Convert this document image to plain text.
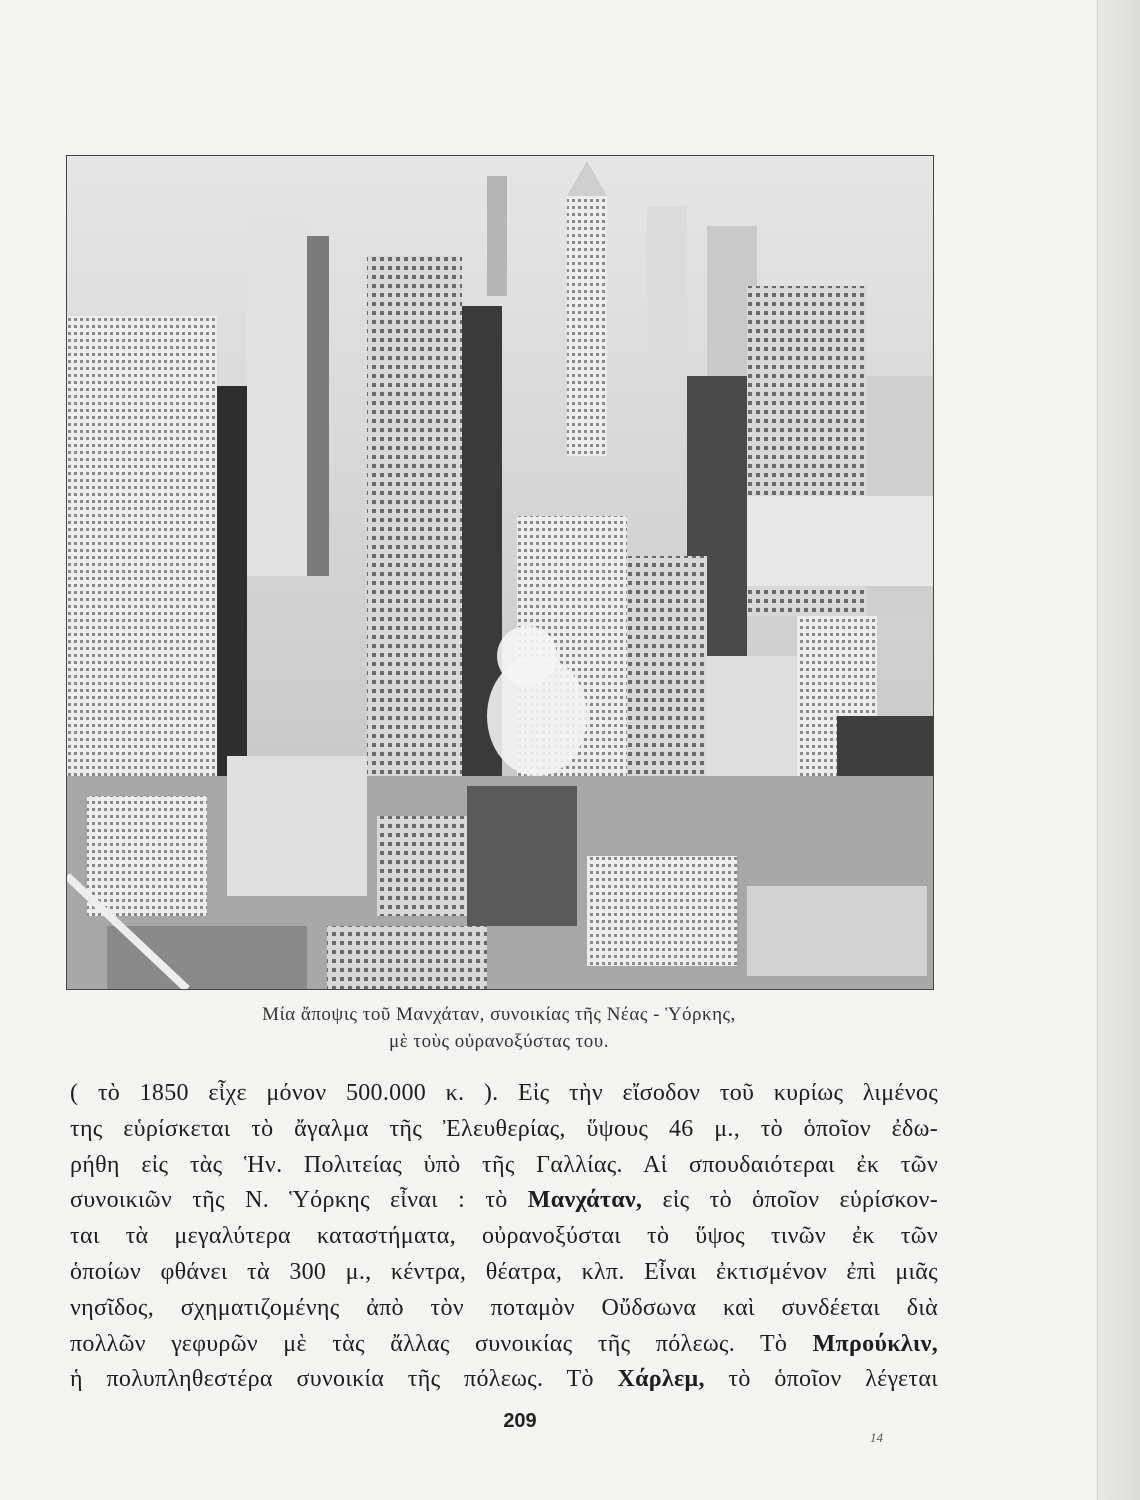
Μία ἄποψις τοῦ Μανχάταν, συνοικίας τῆς Νέας - Ὑόρκης,
μὲ τοὺς οὐρανοξύστας του.
( τὸ 1850 εἶχε μόνον 500.000 κ. ). Εἰς τὴν εἴσοδον τοῦ κυρίως λιμένος
της εὑρίσκεται τὸ ἄγαλμα τῆς Ἐλευθερίας, ὕψους 46 μ., τὸ ὁποῖον ἐδω-
ρήθη εἰς τὰς Ἡν. Πολιτείας ὑπὸ τῆς Γαλλίας. Αἱ σπουδαιότεραι ἐκ τῶν
συνοικιῶν τῆς Ν. Ὑόρκης εἶναι : τὸ Μανχάταν, εἰς τὸ ὁποῖον εὑρίσκον-
ται τὰ μεγαλύτερα καταστήματα, οὐρανοξύσται τὸ ὕψος τινῶν ἐκ τῶν
ὁποίων φθάνει τὰ 300 μ., κέντρα, θέατρα, κλπ. Εἶναι ἐκτισμένον ἐπὶ μιᾶς
νησῖδος, σχηματιζομένης ἀπὸ τὸν ποταμὸν Οὔδσωνα καὶ συνδέεται διὰ
πολλῶν γεφυρῶν μὲ τὰς ἄλλας συνοικίας τῆς πόλεως. Τὸ Μπρούκλιν,
ἡ πολυπληθεστέρα συνοικία τῆς πόλεως. Τὸ Χάρλεμ, τὸ ὁποῖον λέγεται
209
14
